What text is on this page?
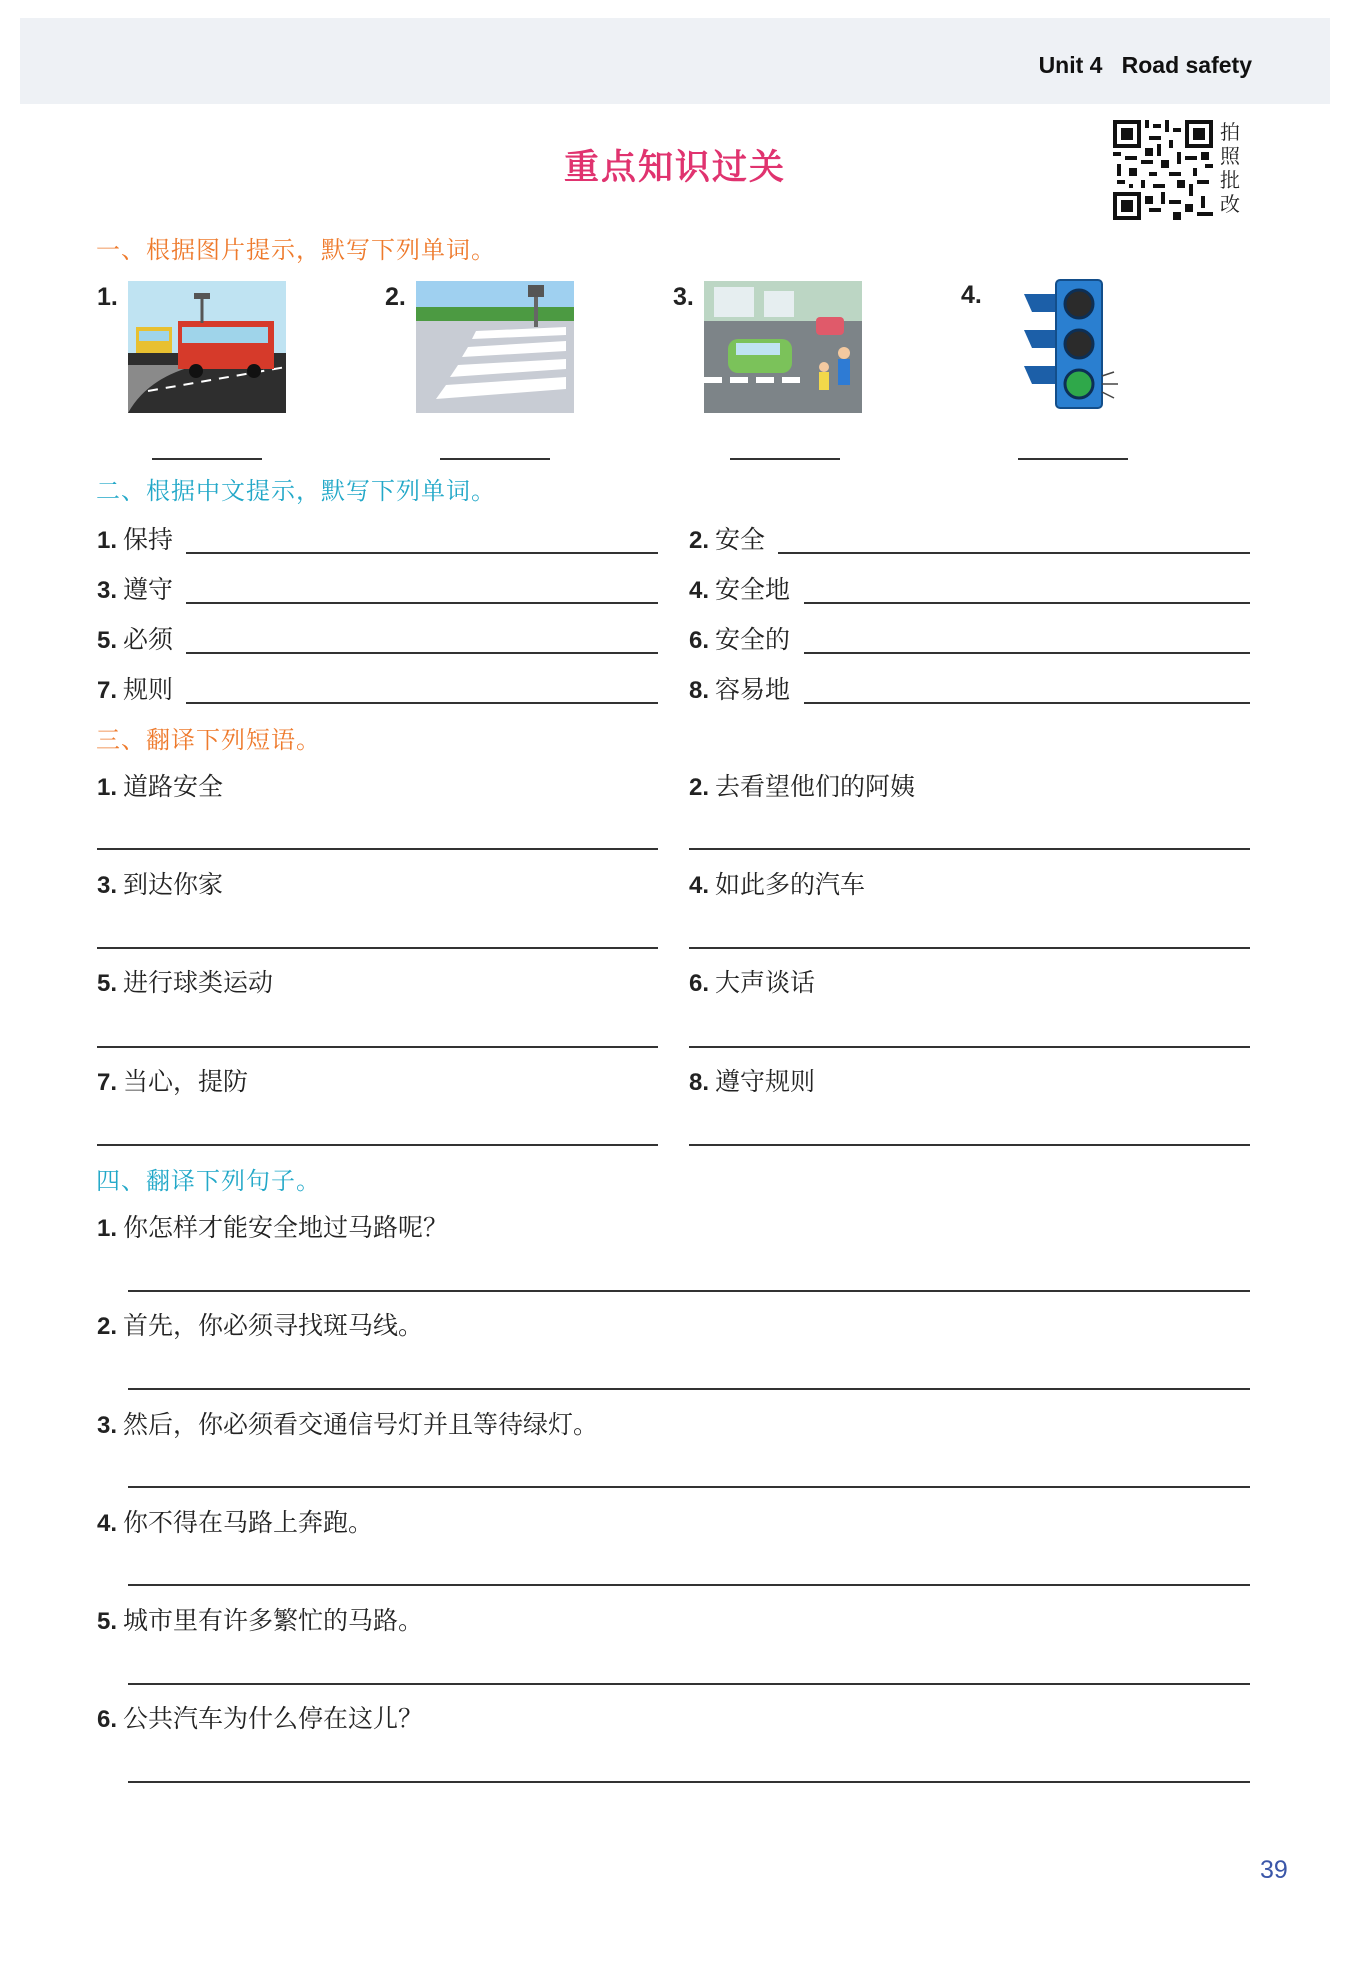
Unit 4 Road safety
重点知识过关
拍照批改
一、根据图片提示，默写下列单词。
1.	2.	3.	4.
二、根据中文提示，默写下列单词。
1. 保持	2. 安全
3. 遵守	4. 安全地
5. 必须	6. 安全的
7. 规则	8. 容易地
三、翻译下列短语。
1. 道路安全	2. 去看望他们的阿姨
3. 到达你家	4. 如此多的汽车
5. 进行球类运动	6. 大声谈话
7. 当心，提防	8. 遵守规则
四、翻译下列句子。
1. 你怎样才能安全地过马路呢？
2. 首先，你必须寻找斑马线。
3. 然后，你必须看交通信号灯并且等待绿灯。
4. 你不得在马路上奔跑。
5. 城市里有许多繁忙的马路。
6. 公共汽车为什么停在这儿？
39
